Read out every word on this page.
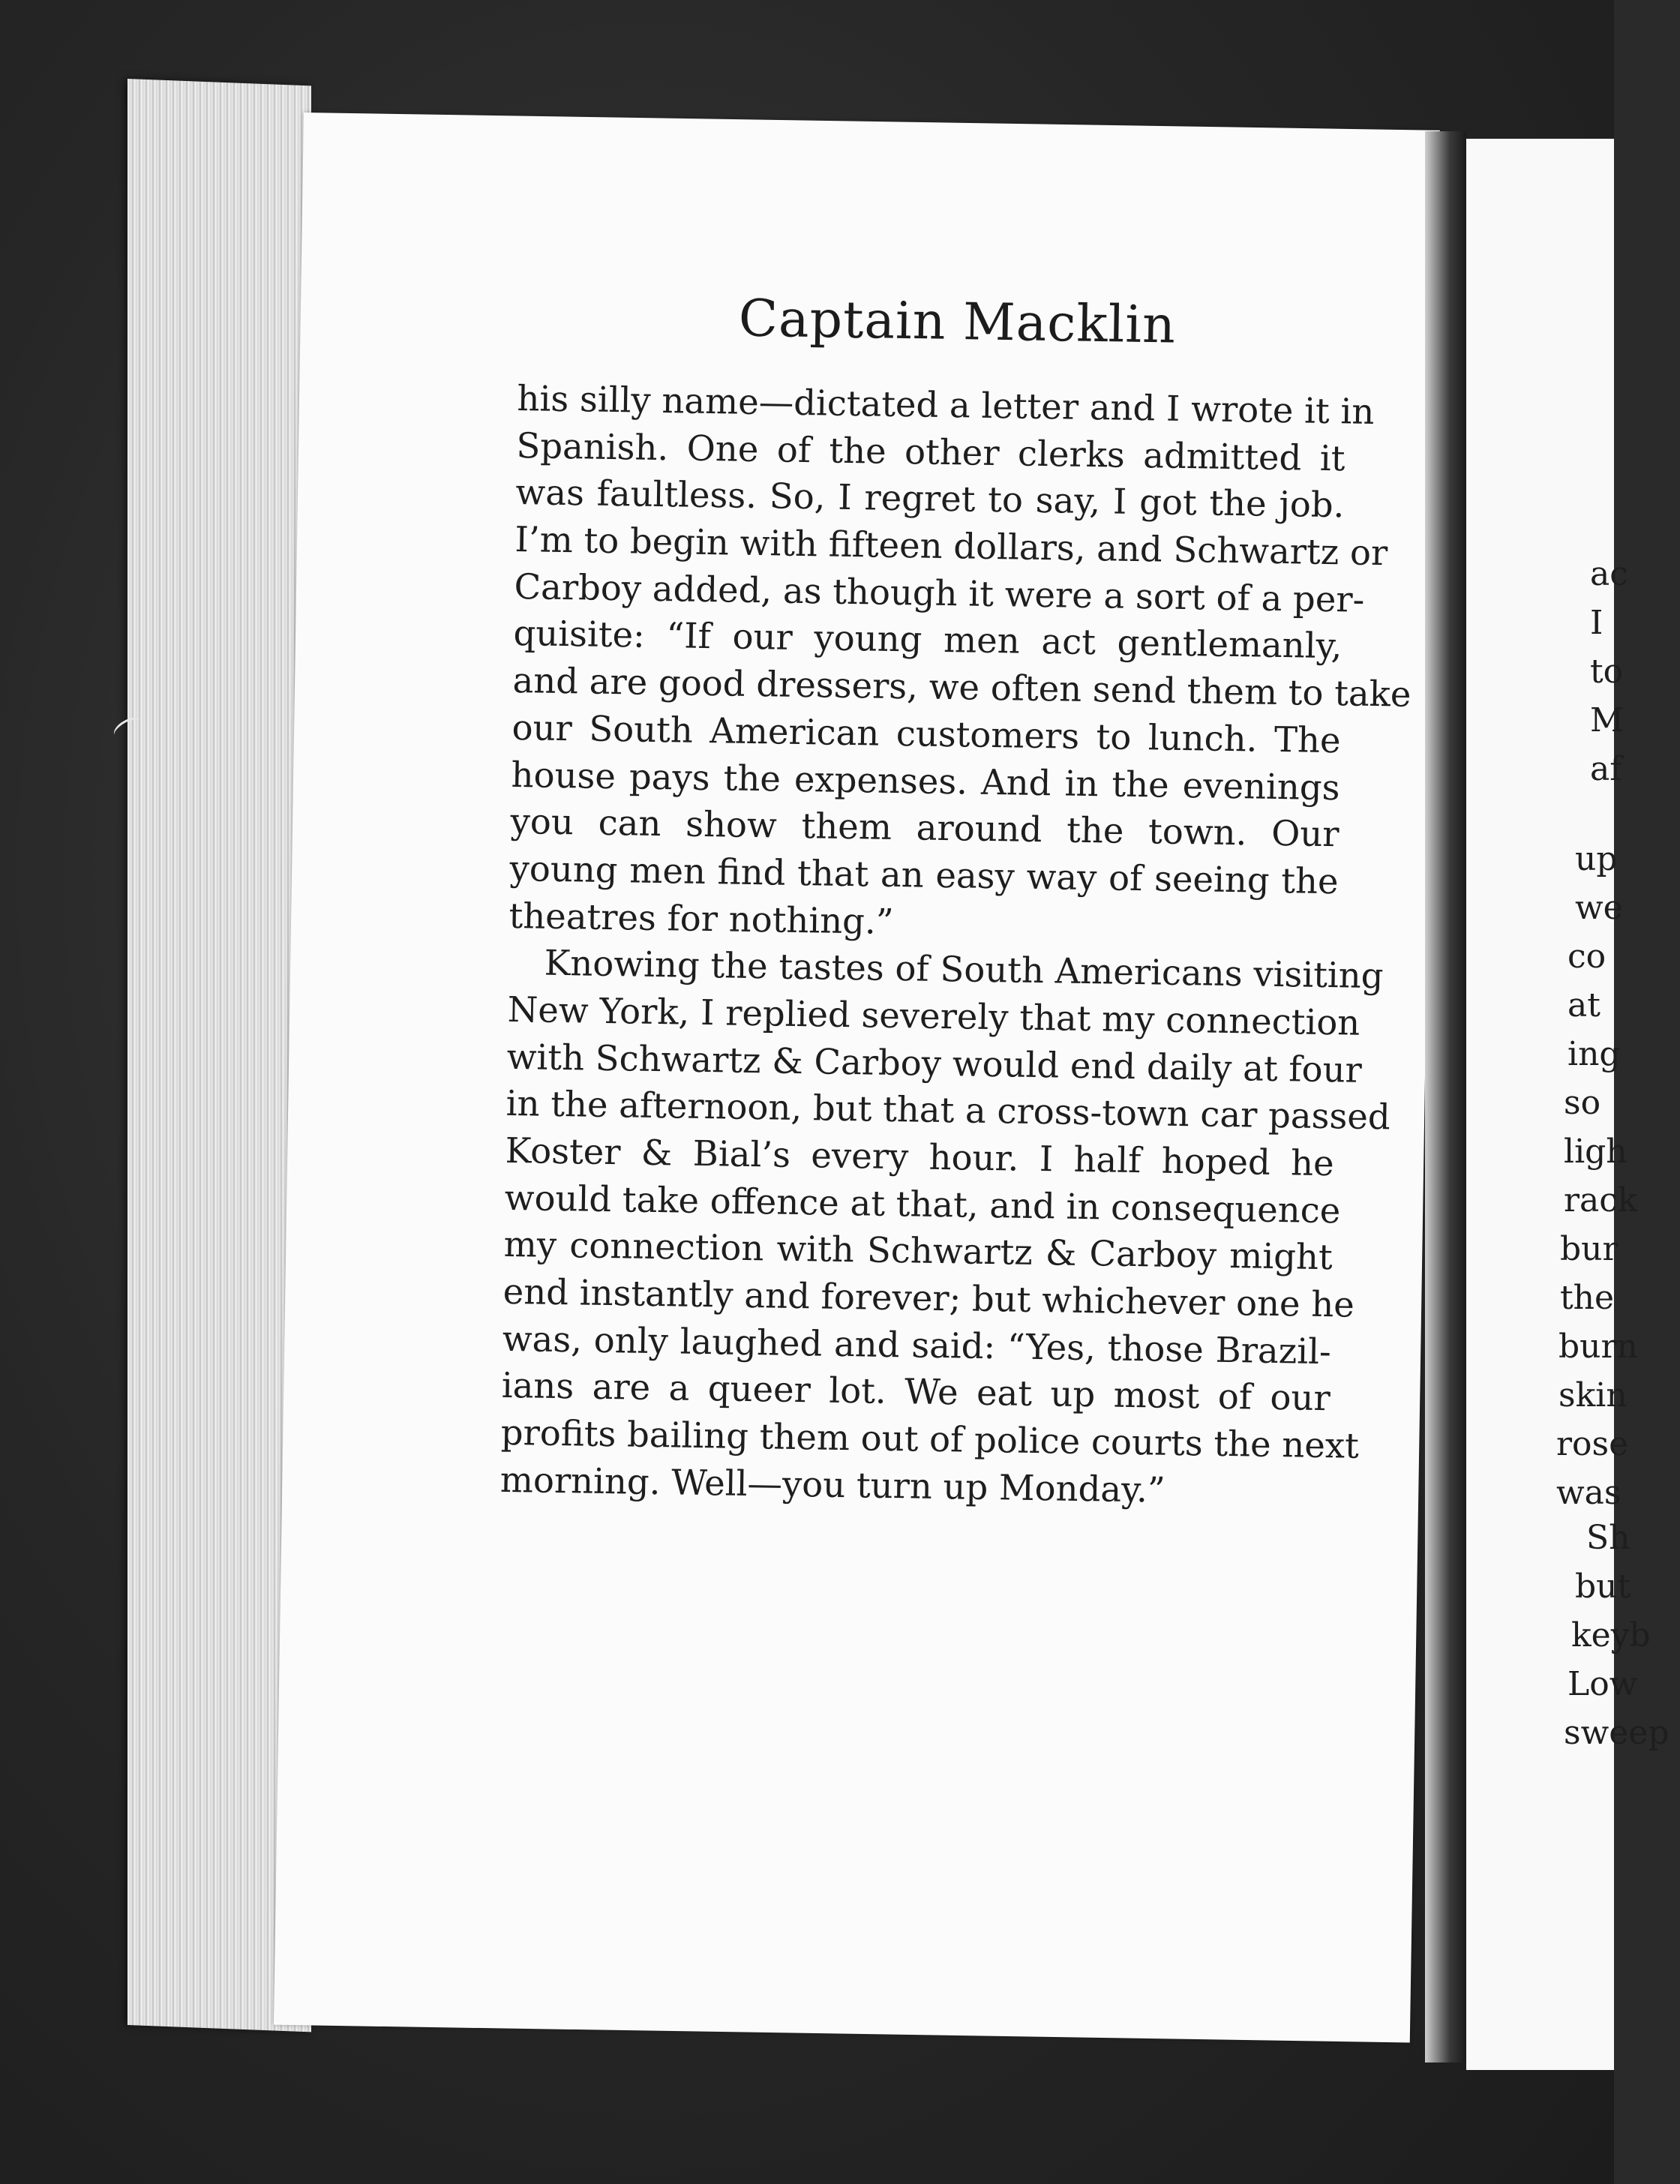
Captain Macklin
his silly name—dictated a letter and I wrote it in
Spanish. One of the other clerks admitted it
was faultless. So, I regret to say, I got the job.
I’m to begin with fifteen dollars, and Schwartz or
Carboy added, as though it were a sort of a per-
quisite: “If our young men act gentlemanly,
and are good dressers, we often send them to take
our South American customers to lunch. The
house pays the expenses. And in the evenings
you can show them around the town. Our
young men find that an easy way of seeing the
theatres for nothing.”
Knowing the tastes of South Americans visiting
New York, I replied severely that my connection
with Schwartz & Carboy would end daily at four
in the afternoon, but that a cross-town car passed
Koster & Bial’s every hour. I half hoped he
would take offence at that, and in consequence
my connection with Schwartz & Carboy might
end instantly and forever; but whichever one he
was, only laughed and said: “Yes, those Brazil-
ians are a queer lot. We eat up most of our
profits bailing them out of police courts the next
morning. Well—you turn up Monday.”
ac
I
to
M
af
up
we
co
at
ing
so
ligh
rack
bur
the
burn
skin
rose
was
Sh
but
keyb
Low
sweep
